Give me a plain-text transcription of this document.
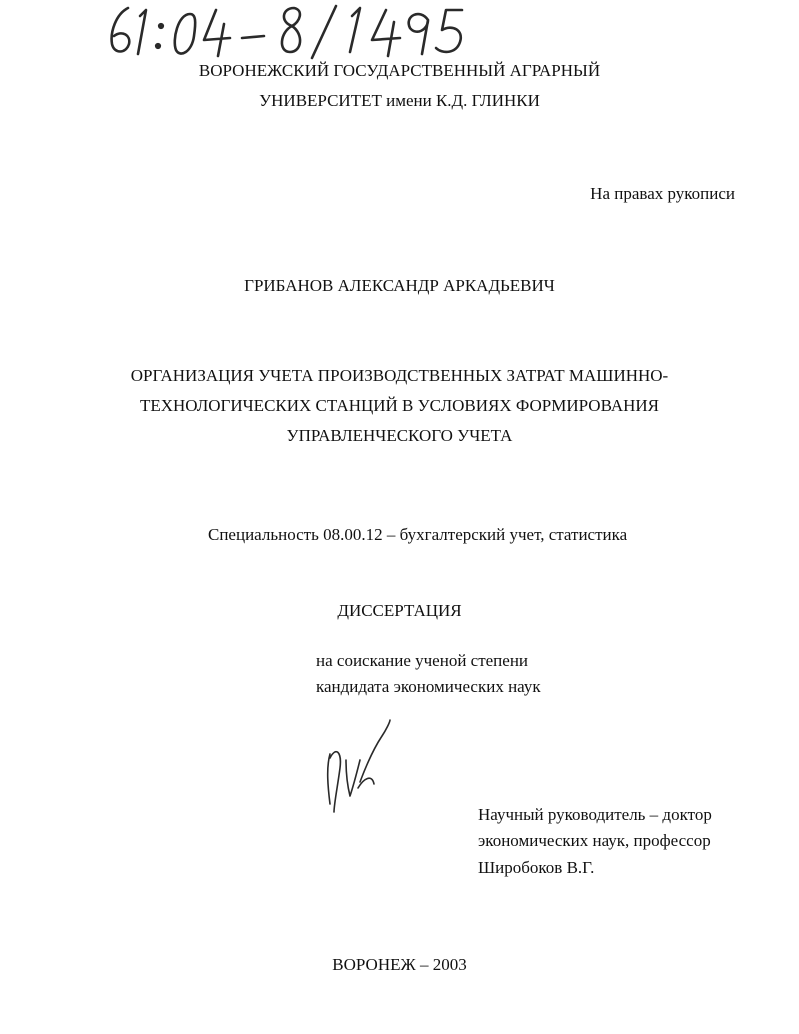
ВОРОНЕЖСКИЙ ГОСУДАРСТВЕННЫЙ АГРАРНЫЙ
УНИВЕРСИТЕТ имени К.Д. ГЛИНКИ
На правах рукописи
ГРИБАНОВ АЛЕКСАНДР АРКАДЬЕВИЧ
ОРГАНИЗАЦИЯ УЧЕТА ПРОИЗВОДСТВЕННЫХ ЗАТРАТ МАШИННО-
ТЕХНОЛОГИЧЕСКИХ СТАНЦИЙ В УСЛОВИЯХ ФОРМИРОВАНИЯ
УПРАВЛЕНЧЕСКОГО УЧЕТА
Специальность 08.00.12 – бухгалтерский учет, статистика
ДИССЕРТАЦИЯ
на соискание ученой степени
кандидата экономических наук
Научный руководитель – доктор
экономических наук, профессор
Широбоков В.Г.
ВОРОНЕЖ – 2003
